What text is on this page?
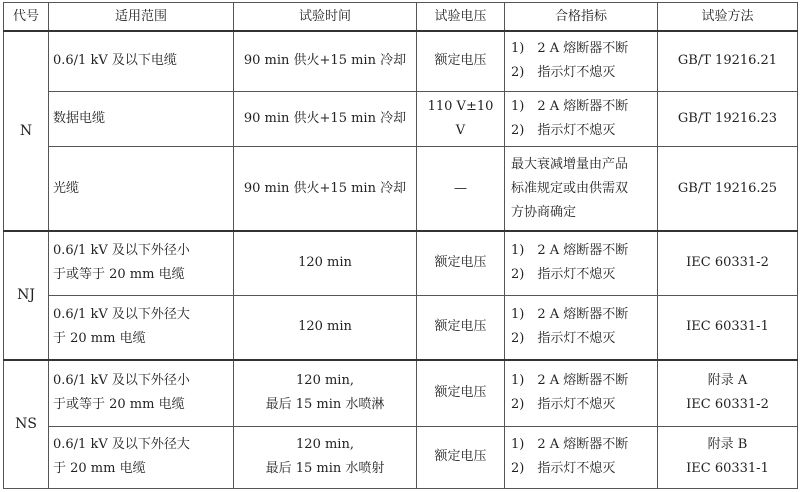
代号	适用范围	试验时间	试验电压	合格指标	试验方法
N	0.6/1 kV 及以下电缆	90 min 供火+15 min 冷却	额定电压	1)　2 A 熔断器不断
2)　指示灯不熄灭	GB/T 19216.21

	数据电缆	90 min 供火+15 min 冷却	110 V±10 V	1)　2 A 熔断器不断
2)　指示灯不熄灭	GB/T 19216.23

	光缆	90 min 供火+15 min 冷却	—	最大衰减增量由产品
标准规定或由供需双
方协商确定	GB/T 19216.25

NJ	0.6/1 kV 及以下外径小
于或等于 20 mm 电缆	120 min	额定电压	1)　2 A 熔断器不断
2)　指示灯不熄灭	IEC 60331-2

	0.6/1 kV 及以下外径大
于 20 mm 电缆	120 min	额定电压	1)　2 A 熔断器不断
2)　指示灯不熄灭	IEC 60331-1

NS	0.6/1 kV 及以下外径小
于或等于 20 mm 电缆	120 min,
最后 15 min 水喷淋	额定电压	1)　2 A 熔断器不断
2)　指示灯不熄灭	附录 A
IEC 60331-2

	0.6/1 kV 及以下外径大
于 20 mm 电缆	120 min,
最后 15 min 水喷射	额定电压	1)　2 A 熔断器不断
2)　指示灯不熄灭	附录 B
IEC 60331-1
